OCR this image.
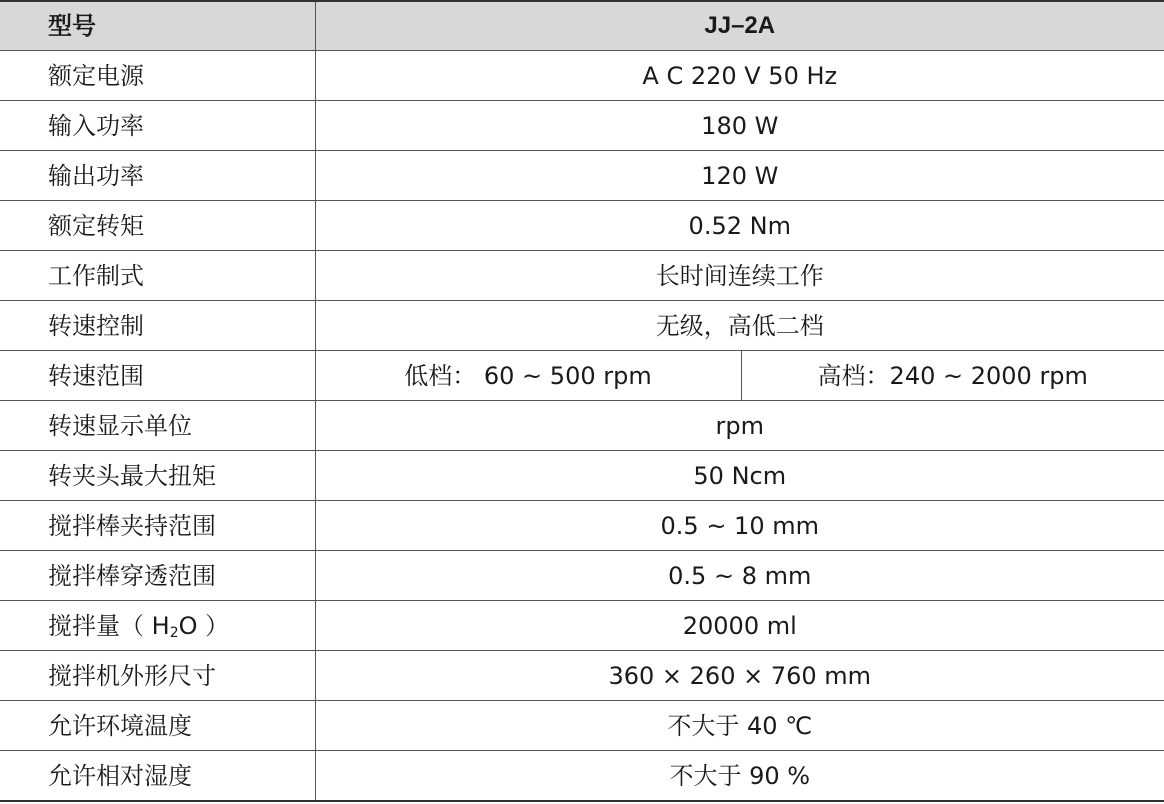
型号	JJ–2A	
额定电源	A C 220 V 50 Hz	
输入功率	180 W	
输出功率	120 W	
额定转矩	0.52 Nm	
工作制式	长时间连续工作	
转速控制	无级，高低二档	
转速范围	低档： 60 ~ 500 rpm	高档：240 ~ 2000 rpm
转速显示单位	rpm	
转夹头最大扭矩	50 Ncm	
搅拌棒夹持范围	0.5 ~ 10 mm	
搅拌棒穿透范围	0.5 ~ 8 mm	
搅拌量（ $H_2O$ ）	20000 ml	
搅拌机外形尺寸	360 × 260 × 760 mm	
允许环境温度	不大于 40 ℃	
允许相对湿度	不大于 90 %	
